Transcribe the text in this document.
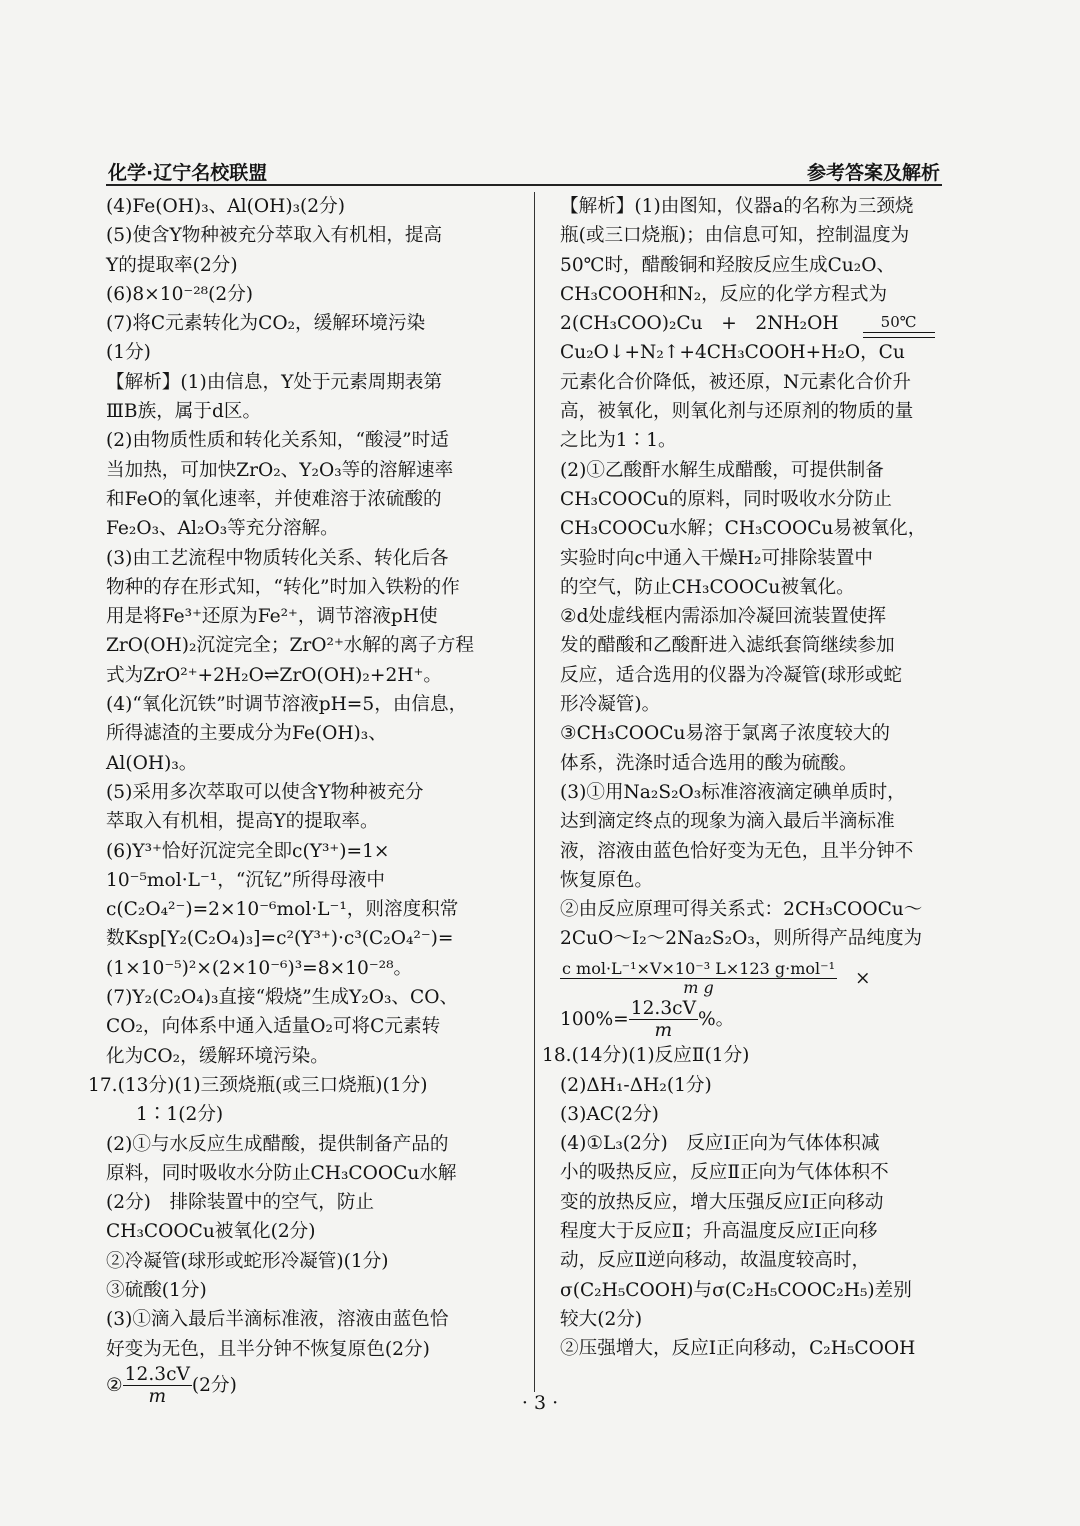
化学·辽宁名校联盟	参考答案及解析

(4)Fe(OH)₃、Al(OH)₃(2分)

(5)使含Y物种被充分萃取入有机相，提高

Y的提取率(2分)

(6)8×10⁻²⁸(2分)

(7)将C元素转化为CO₂，缓解环境污染

(1分)

【解析】(1)由信息，Y处于元素周期表第

ⅢB族，属于d区。

(2)由物质性质和转化关系知，“酸浸”时适

当加热，可加快ZrO₂、Y₂O₃等的溶解速率

和FeO的氧化速率，并使难溶于浓硫酸的

Fe₂O₃、Al₂O₃等充分溶解。

(3)由工艺流程中物质转化关系、转化后各

物种的存在形式知，“转化”时加入铁粉的作

用是将Fe³⁺还原为Fe²⁺，调节溶液pH使

ZrO(OH)₂沉淀完全；ZrO²⁺水解的离子方程

式为ZrO²⁺+2H₂O⇌ZrO(OH)₂+2H⁺。

(4)“氧化沉铁”时调节溶液pH=5，由信息，

所得滤渣的主要成分为Fe(OH)₃、

Al(OH)₃。

(5)采用多次萃取可以使含Y物种被充分

萃取入有机相，提高Y的提取率。

(6)Y³⁺恰好沉淀完全即c(Y³⁺)=1×

10⁻⁵mol·L⁻¹，“沉钇”所得母液中

c(C₂O₄²⁻)=2×10⁻⁶mol·L⁻¹，则溶度积常

数Ksp[Y₂(C₂O₄)₃]=c²(Y³⁺)·c³(C₂O₄²⁻)=

(1×10⁻⁵)²×(2×10⁻⁶)³=8×10⁻²⁸。

(7)Y₂(C₂O₄)₃直接“煅烧”生成Y₂O₃、CO、

CO₂，向体系中通入适量O₂可将C元素转

化为CO₂，缓解环境污染。

17.(13分)(1)三颈烧瓶(或三口烧瓶)(1分)

1∶1(2分)

(2)①与水反应生成醋酸，提供制备产品的

原料，同时吸收水分防止CH₃COOCu水解

(2分)　排除装置中的空气，防止

CH₃COOCu被氧化(2分)

②冷凝管(球形或蛇形冷凝管)(1分)

③硫酸(1分)

(3)①滴入最后半滴标准液，溶液由蓝色恰

好变为无色，且半分钟不恢复原色(2分)

② $\frac{12.3cV}{m} (2$分)

【解析】(1)由图知，仪器a的名称为三颈烧

瓶(或三口烧瓶)；由信息可知，控制温度为

50℃时，醋酸铜和羟胺反应生成Cu₂O、

CH₃COOH和N₂，反应的化学方程式为

2(CH₃COO)₂Cu　+　2NH₂OH	50℃

Cu₂O↓+N₂↑+4CH₃COOH+H₂O，Cu

元素化合价降低，被还原，N元素化合价升

高，被氧化，则氧化剂与还原剂的物质的量

之比为1∶1。

(2)①乙酸酐水解生成醋酸，可提供制备

CH₃COOCu的原料，同时吸收水分防止

CH₃COOCu水解；CH₃COOCu易被氧化，

实验时向c中通入干燥H₂可排除装置中

的空气，防止CH₃COOCu被氧化。

②d处虚线框内需添加冷凝回流装置使挥

发的醋酸和乙酸酐进入滤纸套筒继续参加

反应，适合选用的仪器为冷凝管(球形或蛇

形冷凝管)。

③CH₃COOCu易溶于氯离子浓度较大的

体系，洗涤时适合选用的酸为硫酸。

(3)①用Na₂S₂O₃标准溶液滴定碘单质时，

达到滴定终点的现象为滴入最后半滴标准

液，溶液由蓝色恰好变为无色，且半分钟不

恢复原色。

②由反应原理可得关系式：2CH₃COOCu～

2CuO～I₂～2Na₂S₂O₃，则所得产品纯度为

$\frac{\text{c mol·L⁻¹×V×10⁻³ L×123 g·mol⁻¹}}{\text{m g}}$ ×

$100\%= \frac{12.3cV}{m}$ %。

18.(14分)(1)反应Ⅱ(1分)

(2)ΔH₁-ΔH₂(1分)

(3)AC(2分)

(4)①L₃(2分)　反应Ⅰ正向为气体体积减

小的吸热反应，反应Ⅱ正向为气体体积不

变的放热反应，增大压强反应Ⅰ正向移动

程度大于反应Ⅱ；升高温度反应Ⅰ正向移

动，反应Ⅱ逆向移动，故温度较高时，

σ(C₂H₅COOH)与σ(C₂H₅COOC₂H₅)差别

较大(2分)

②压强增大，反应Ⅰ正向移动，C₂H₅COOH

· 3 ·
